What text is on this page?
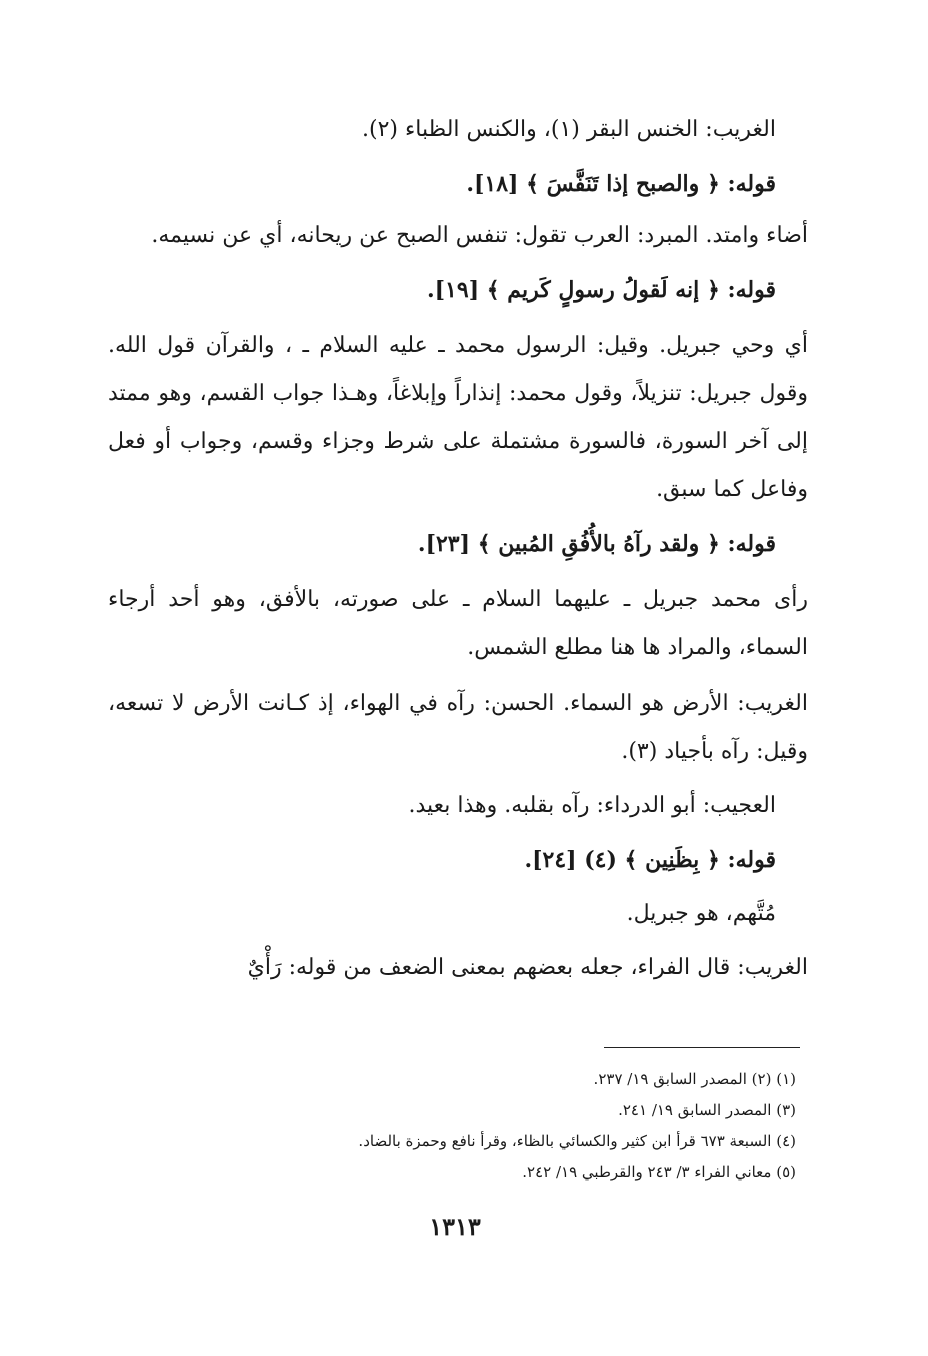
الغريب: الخنس البقر (١)، والكنس الظباء (٢).

قوله: ﴿ والصبح إذا تَنَفَّسَ ﴾ [١٨].

أضاء وامتد. المبرد: العرب تقول: تنفس الصبح عن ريحانه، أي عن نسيمه.

قوله: ﴿ إنه لَقولُ رسولٍ كَريم ﴾ [١٩].

أي وحي جبريل. وقيل: الرسول محمد ـ عليه السلام ـ ، والقرآن قول الله. وقول جبريل: تنزيلاً، وقول محمد: إنذاراً وإبلاغاً، وهـذا جواب القسم، وهو ممتد إلى آخر السورة، فالسورة مشتملة على شرط وجزاء وقسم، وجواب أو فعل وفاعل كما سبق.

قوله: ﴿ ولقد رآهُ بالأُفُقِ المُبين ﴾ [٢٣].

رأى محمد جبريل ـ عليهما السلام ـ على صورته، بالأفق، وهو أحد أرجاء السماء، والمراد ها هنا مطلع الشمس.

الغريب: الأرض هو السماء. الحسن: رآه في الهواء، إذ كـانت الأرض لا تسعه، وقيل: رآه بأجياد (٣).

العجيب: أبو الدرداء: رآه بقلبه. وهذا بعيد.

قوله: ﴿ بِظَنِين ﴾ (٤) [٢٤].

مُتَّهم، هو جبريل.

الغريب: قال الفراء، جعله بعضهم بمعنى الضعف من قوله: رَأْيٌ

(١) (٢) المصدر السابق ١٩/ ٢٣٧.

(٣) المصدر السابق ١٩/ ٢٤١.

(٤) السبعة ٦٧٣ قرأ ابن كثير والكسائي بالظاء، وقرأ نافع وحمزة بالضاد.

(٥) معاني الفراء ٣/ ٢٤٣ والقرطبي ١٩/ ٢٤٢.

١٣١٣
